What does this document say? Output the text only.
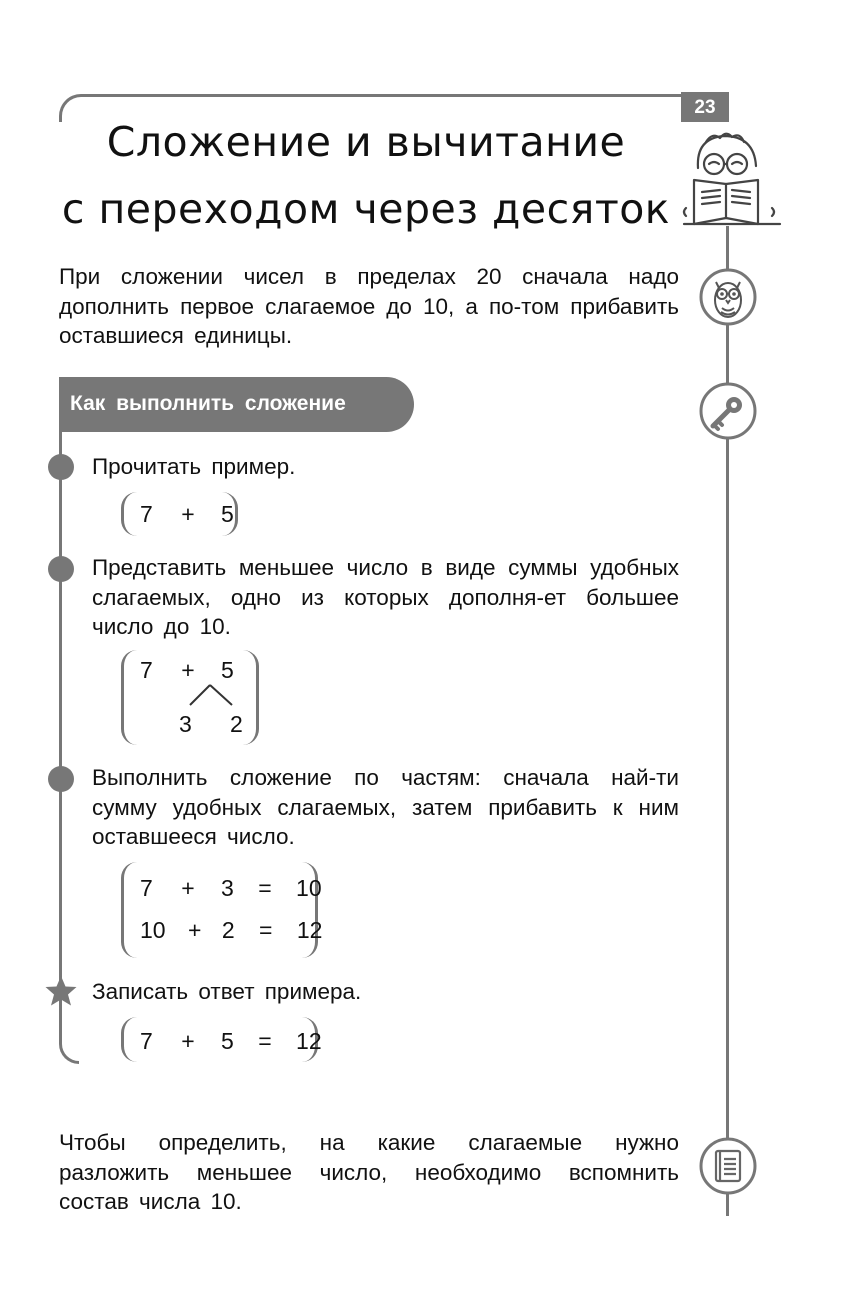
23
Сложение и вычитание
с переходом через десяток
При сложении чисел в пределах 20 сначала надо дополнить первое слагаемое до 10, а по-том прибавить оставшиеся единицы.
Как выполнить сложение
Прочитать пример.
7 + 5
Представить меньшее число в виде суммы удобных слагаемых, одно из которых дополня-ет большее число до 10.
7 + 5
3 2
Выполнить сложение по частям: сначала най-ти сумму удобных слагаемых, затем прибавить к ним оставшееся число.
7 + 3 = 10
10 + 2 = 12
Записать ответ примера.
7 + 5 = 12
Чтобы определить, на какие слагаемые нужно разложить меньшее число, необходимо вспомнить состав числа 10.
